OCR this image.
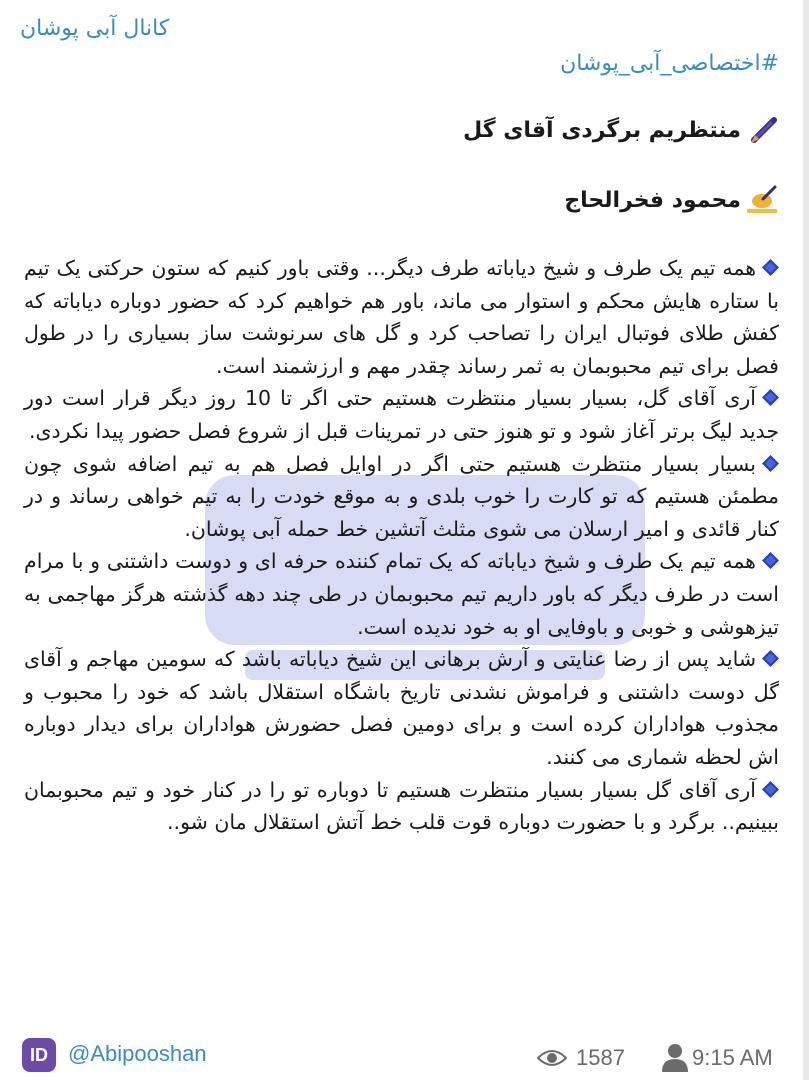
کانال آبی پوشان
#اختصاصی_آبی_پوشان
منتظریم برگردی آقای گل
محمود فخرالحاج
همه تیم یک طرف و شیخ دیاباته طرف دیگر... وقتی باور کنیم که ستون حرکتی یک تیم با ستاره هایش محکم و استوار می ماند، باور هم خواهیم کرد که حضور دوباره دیاباته که کفش طلای فوتبال ایران را تصاحب کرد و گل های سرنوشت ساز بسیاری را در طول فصل برای تیم محبوبمان به ثمر رساند چقدر مهم و ارزشمند است.
آری آقای گل، بسیار بسیار منتظرت هستیم حتی اگر تا 10 روز دیگر قرار است دور جدید لیگ برتر آغاز شود و تو هنوز حتی در تمرینات قبل از شروع فصل حضور پیدا نکردی.
بسیار بسیار منتظرت هستیم حتی اگر در اوایل فصل هم به تیم اضافه شوی چون مطمئن هستیم که تو کارت را خوب بلدی و به موقع خودت را به تیم خواهی رساند و در کنار قائدی و امیر ارسلان می شوی مثلث آتشین خط حمله آبی پوشان.
همه تیم یک طرف و شیخ دیاباته که یک تمام کننده حرفه ای و دوست داشتنی و با مرام است در طرف دیگر که باور داریم تیم محبوبمان در طی چند دهه گذشته هرگز مهاجمی به تیزهوشی و خوبی و باوفایی او به خود ندیده است.
شاید پس از رضا عنایتی و آرش برهانی این شیخ دیاباته باشد که سومین مهاجم و آقای گل دوست داشتنی و فراموش نشدنی تاریخ باشگاه استقلال باشد که خود را محبوب و مجذوب هواداران کرده است و برای دومین فصل حضورش هواداران برای دیدار دوباره اش لحظه شماری می کنند.
آری آقای گل بسیار بسیار منتظرت هستیم تا دوباره تو را در کنار خود و تیم محبوبمان ببینیم.. برگرد و با حضورت دوباره قوت قلب خط آتش استقلال مان شو..
ID @Abipooshan	1587	9:15 AM
